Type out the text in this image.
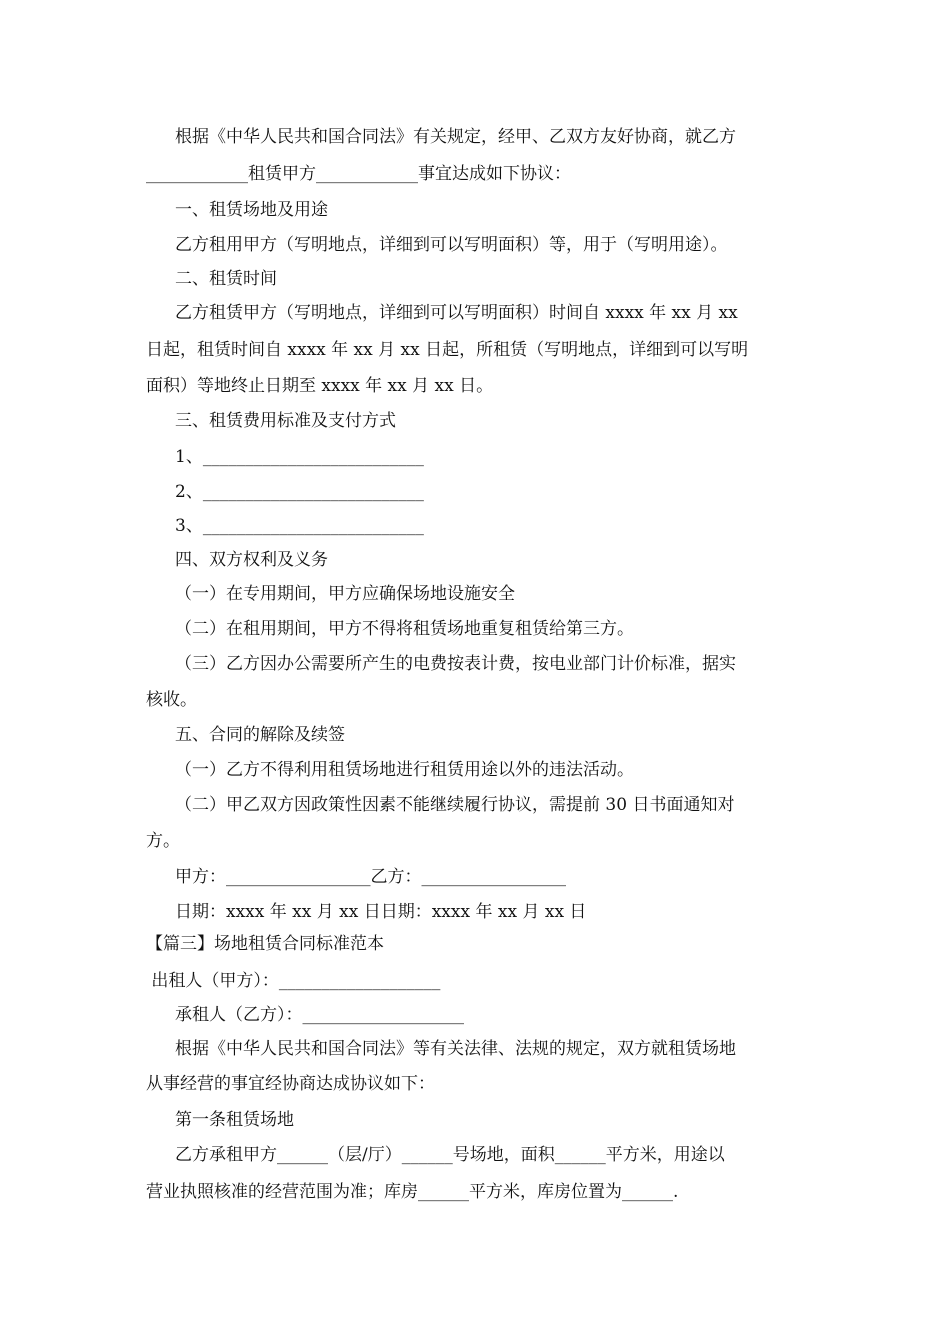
根据《中华人民共和国合同法》有关规定，经甲、乙双方友好协商，就乙方
____________租赁甲方____________事宜达成如下协议：
一、租赁场地及用途
乙方租用甲方（写明地点，详细到可以写明面积）等，用于（写明用途）。
二、租赁时间
乙方租赁甲方（写明地点，详细到可以写明面积）时间自 xxxx 年 xx 月 xx
日起，租赁时间自 xxxx 年 xx 月 xx 日起，所租赁（写明地点，详细到可以写明
面积）等地终止日期至 xxxx 年 xx 月 xx 日。
三、租赁费用标准及支付方式
1、__________________________
2、__________________________
3、__________________________
四、双方权利及义务
（一）在专用期间，甲方应确保场地设施安全
（二）在租用期间，甲方不得将租赁场地重复租赁给第三方。
（三）乙方因办公需要所产生的电费按表计费，按电业部门计价标准，据实
核收。
五、合同的解除及续签
（一）乙方不得利用租赁场地进行租赁用途以外的违法活动。
（二）甲乙双方因政策性因素不能继续履行协议，需提前 30 日书面通知对
方。
甲方：_________________乙方：_________________
日期：xxxx 年 xx 月 xx 日日期：xxxx 年 xx 月 xx 日
【篇三】场地租赁合同标准范本
出租人（甲方）：___________________
承租人（乙方）：___________________
根据《中华人民共和国合同法》等有关法律、法规的规定，双方就租赁场地
从事经营的事宜经协商达成协议如下：
第一条租赁场地
乙方承租甲方______（层/厅）______号场地，面积______平方米，用途以
营业执照核准的经营范围为准；库房______平方米，库房位置为______.
